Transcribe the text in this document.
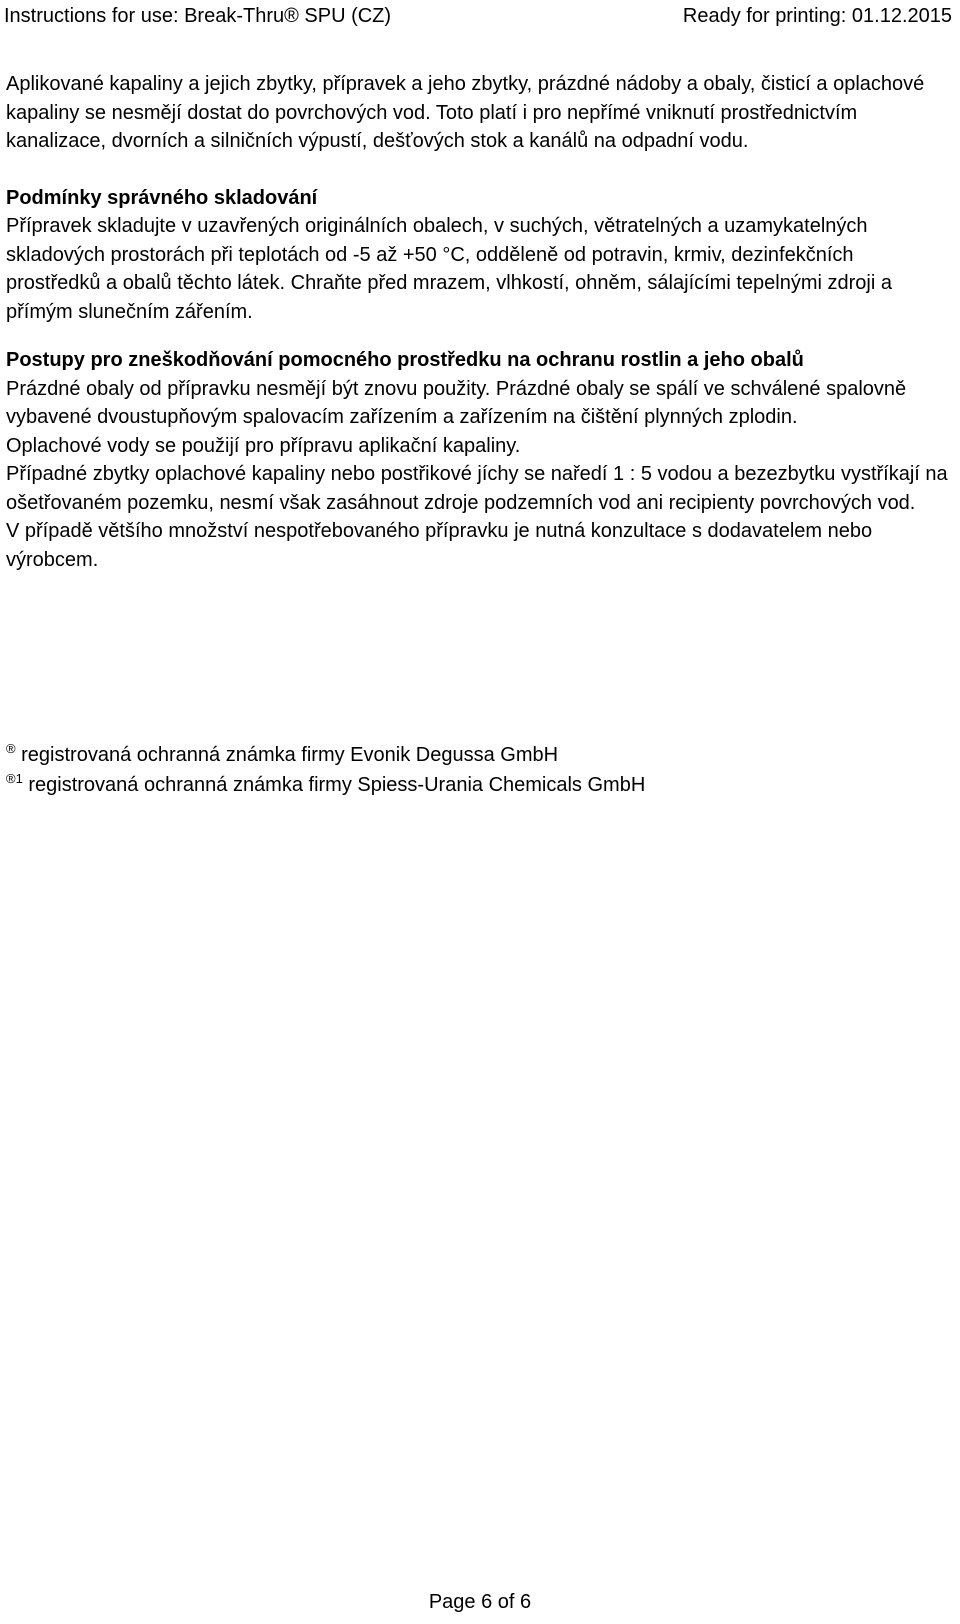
Instructions for use: Break-Thru® SPU (CZ)	Ready for printing: 01.12.2015

Aplikované kapaliny a jejich zbytky, přípravek a jeho zbytky, prázdné nádoby a obaly, čisticí a oplachové kapaliny se nesmějí dostat do povrchových vod. Toto platí i pro nepřímé vniknutí prostřednictvím kanalizace, dvorních a silničních výpustí, dešťových stok a kanálů na odpadní vodu.

Podmínky správného skladování

Přípravek skladujte v uzavřených originálních obalech, v suchých, větratelných a uzamykatelných skladových prostorách při teplotách od -5 až +50 °C, odděleně od potravin, krmiv, dezinfekčních prostředků a obalů těchto látek. Chraňte před mrazem, vlhkostí, ohněm, sálajícími tepelnými zdroji a přímým slunečním zářením.

Postupy pro zneškodňování pomocného prostředku na ochranu rostlin a jeho obalů

Prázdné obaly od přípravku nesmějí být znovu použity. Prázdné obaly se spálí ve schválené spalovně vybavené dvoustupňovým spalovacím zařízením a zařízením na čištění plynných zplodin.

Oplachové vody se použijí pro přípravu aplikační kapaliny.

Případné zbytky oplachové kapaliny nebo postřikové jíchy se naředí 1 : 5 vodou a bezezbytku vystříkají na ošetřovaném pozemku, nesmí však zasáhnout zdroje podzemních vod ani recipienty povrchových vod.

V případě většího množství nespotřebovaného přípravku je nutná konzultace s dodavatelem nebo výrobcem.

® registrovaná ochranná známka firmy Evonik Degussa GmbH
$^{®1}$ registrovaná ochranná známka firmy Spiess-Urania Chemicals GmbH
Page 6 of 6
